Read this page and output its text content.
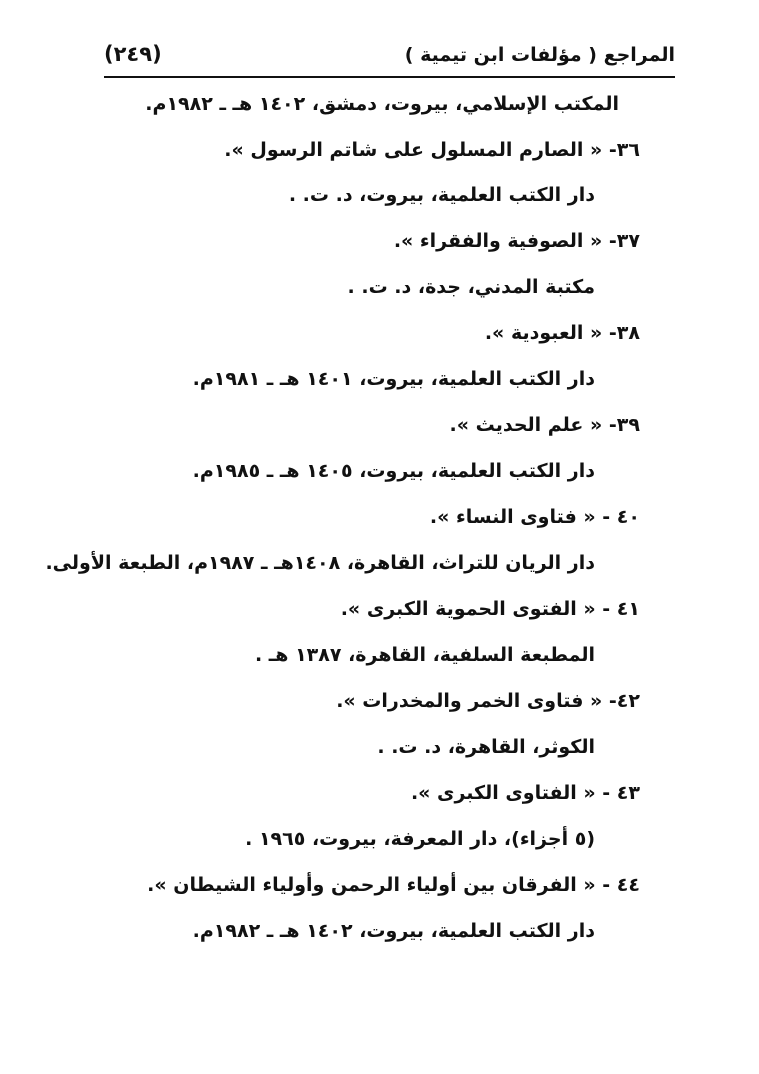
المراجع ( مؤلفات ابن تيمية )
(٢٤٩)
المكتب الإسلامي، بيروت، دمشق، ١٤٠٢ هـ ـ ١٩٨٢م.
٣٦- « الصارم المسلول على شاتم الرسول ».
دار الكتب العلمية، بيروت، د. ت. .
٣٧- « الصوفية والفقراء ».
مكتبة المدني، جدة، د. ت. .
٣٨- « العبودية ».
دار الكتب العلمية، بيروت، ١٤٠١ هـ ـ ١٩٨١م.
٣٩- « علم الحديث ».
دار الكتب العلمية، بيروت، ١٤٠٥ هـ ـ ١٩٨٥م.
٤٠ - « فتاوى النساء ».
دار الريان للتراث، القاهرة، ١٤٠٨هـ ـ ١٩٨٧م، الطبعة الأولى.
٤١ - « الفتوى الحموية الكبرى ».
المطبعة السلفية، القاهرة، ١٣٨٧ هـ .
٤٢- « فتاوى الخمر والمخدرات ».
الكوثر، القاهرة، د. ت. .
٤٣ - « الفتاوى الكبرى ».
(٥ أجزاء)، دار المعرفة، بيروت، ١٩٦٥ .
٤٤ - « الفرقان بين أولياء الرحمن وأولياء الشيطان ».
دار الكتب العلمية، بيروت، ١٤٠٢ هـ ـ ١٩٨٢م.
